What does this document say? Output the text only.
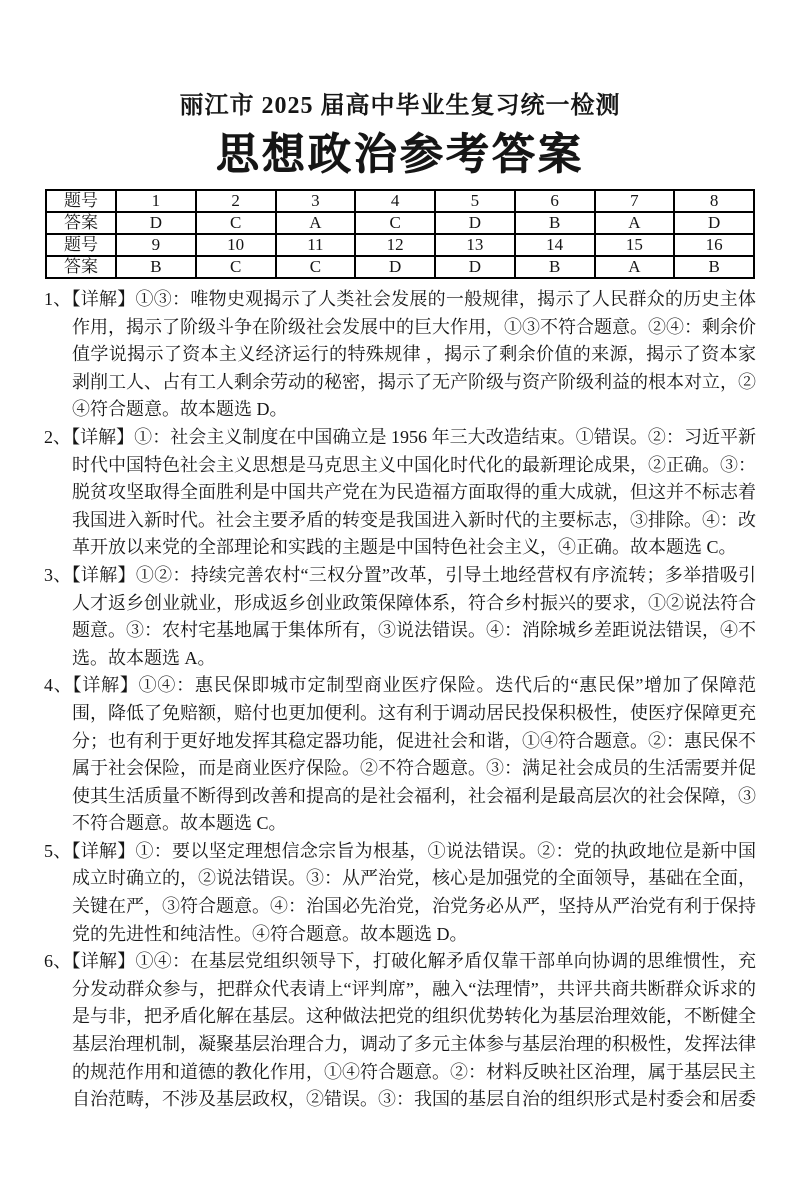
丽江市 2025 届高中毕业生复习统一检测
思想政治参考答案
题号	1	2	3	4	5	6	7	8
答案	D	C	A	C	D	B	A	D
题号	9	10	11	12	13	14	15	16
答案	B	C	C	D	D	B	A	B

1、【详解】①③：唯物史观揭示了人类社会发展的一般规律，揭示了人民群众的历史主体作用，揭示了阶级斗争在阶级社会发展中的巨大作用，①③不符合题意。②④：剩余价值学说揭示了资本主义经济运行的特殊规律 ，揭示了剩余价值的来源，揭示了资本家剥削工人、占有工人剩余劳动的秘密，揭示了无产阶级与资产阶级利益的根本对立，②④符合题意。故本题选 D。

2、【详解】①：社会主义制度在中国确立是 1956 年三大改造结束。①错误。②：习近平新时代中国特色社会主义思想是马克思主义中国化时代化的最新理论成果，②正确。③：脱贫攻坚取得全面胜利是中国共产党在为民造福方面取得的重大成就，但这并不标志着我国进入新时代。社会主要矛盾的转变是我国进入新时代的主要标志，③排除。④：改革开放以来党的全部理论和实践的主题是中国特色社会主义，④正确。故本题选 C。

3、【详解】①②：持续完善农村“三权分置”改革，引导土地经营权有序流转；多举措吸引人才返乡创业就业，形成返乡创业政策保障体系，符合乡村振兴的要求，①②说法符合题意。③：农村宅基地属于集体所有，③说法错误。④：消除城乡差距说法错误，④不选。故本题选 A。

4、【详解】①④：惠民保即城市定制型商业医疗保险。迭代后的“惠民保”增加了保障范围，降低了免赔额，赔付也更加便利。这有利于调动居民投保积极性，使医疗保障更充分；也有利于更好地发挥其稳定器功能，促进社会和谐，①④符合题意。②：惠民保不属于社会保险，而是商业医疗保险。②不符合题意。③：满足社会成员的生活需要并促使其生活质量不断得到改善和提高的是社会福利，社会福利是最高层次的社会保障，③不符合题意。故本题选 C。

5、【详解】①：要以坚定理想信念宗旨为根基，①说法错误。②：党的执政地位是新中国成立时确立的，②说法错误。③：从严治党，核心是加强党的全面领导，基础在全面，关键在严，③符合题意。④：治国必先治党，治党务必从严，坚持从严治党有利于保持党的先进性和纯洁性。④符合题意。故本题选 D。

6、【详解】①④：在基层党组织领导下，打破化解矛盾仅靠干部单向协调的思维惯性，充分发动群众参与，把群众代表请上“评判席”，融入“法理情”，共评共商共断群众诉求的是与非，把矛盾化解在基层。这种做法把党的组织优势转化为基层治理效能，不断健全基层治理机制，凝聚基层治理合力，调动了多元主体参与基层治理的积极性，发挥法律的规范作用和道德的教化作用，①④符合题意。②：材料反映社区治理，属于基层民主自治范畴，不涉及基层政权，②错误。③：我国的基层自治的组织形式是村委会和居委
